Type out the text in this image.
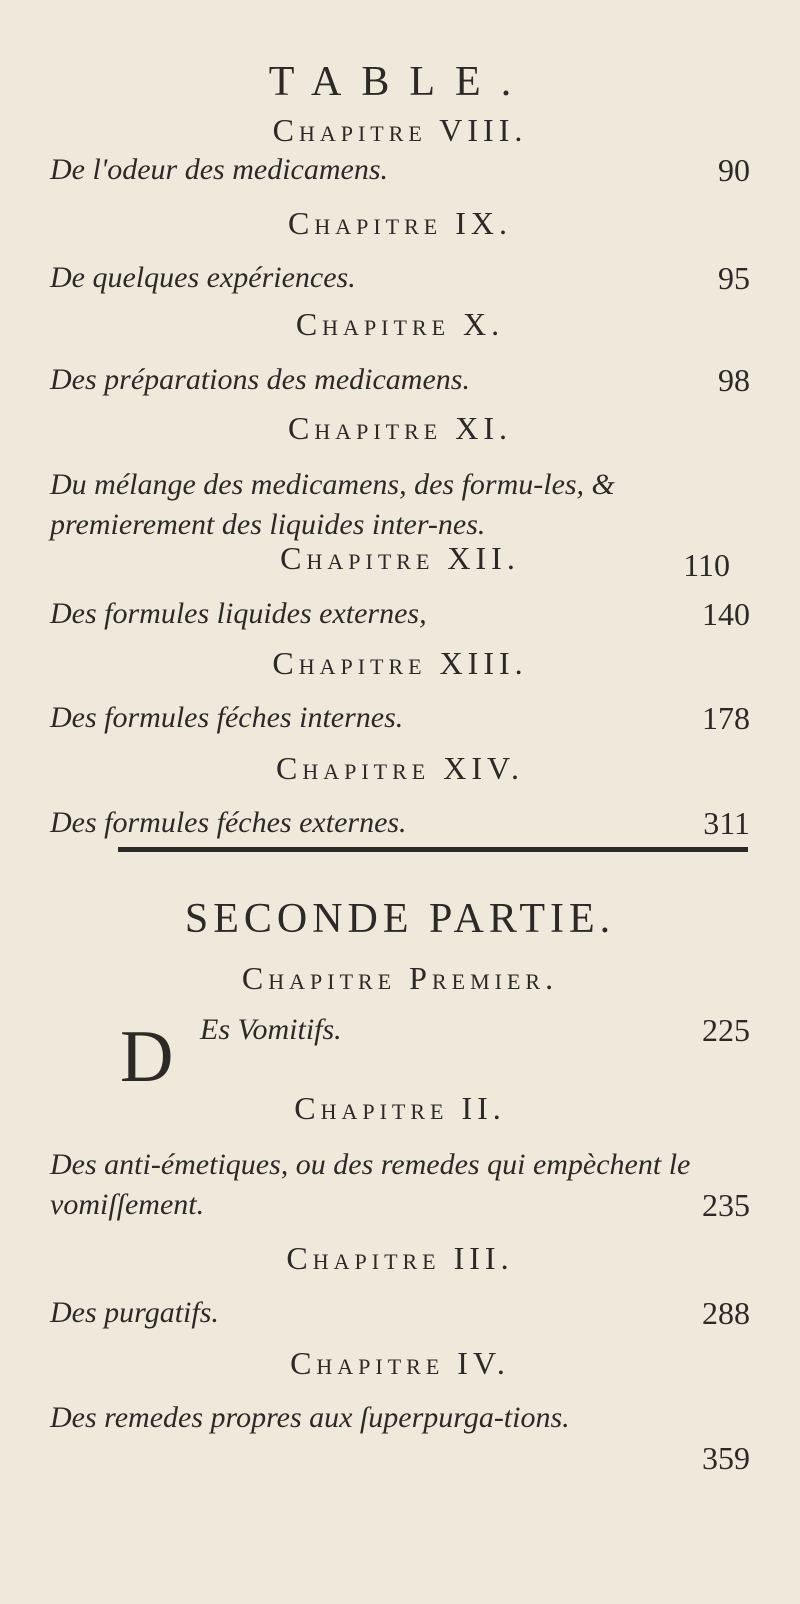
TABLE.
Chapitre VIII.
De l'odeur des medicamens.	90
Chapitre IX.
De quelques expériences.	95
Chapitre X.
Des préparations des medicamens.	98
Chapitre XI.
Du mélange des medicamens, des formu-les, & premierement des liquides inter-nes.
110
Chapitre XII.
Des formules liquides externes,	140
Chapitre XIII.
Des formules féches internes.	178
Chapitre XIV.
Des formules féches externes.	311
SECONDE PARTIE.
Chapitre Premier.
D Es Vomitifs.	225
Chapitre II.
Des anti-émetiques, ou des remedes qui empèchent le vomiſſement.	235
Chapitre III.
Des purgatifs.	288
Chapitre IV.
Des remedes propres aux ſuperpurga-tions.
359
